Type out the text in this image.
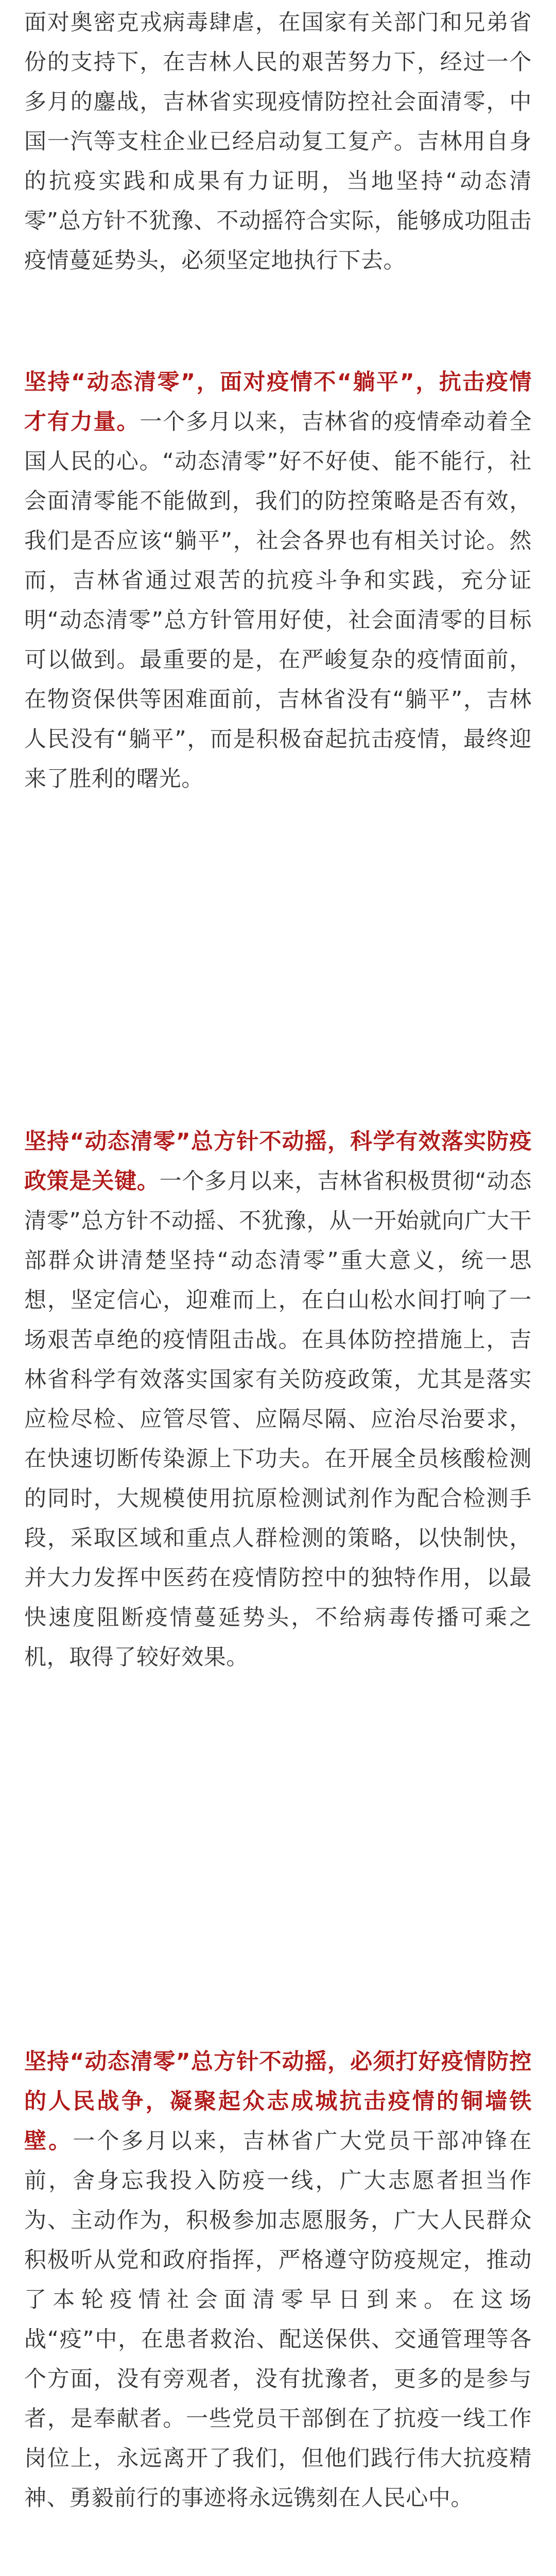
面对奥密克戎病毒肆虐，在国家有关部门和兄弟省份的支持下，在吉林人民的艰苦努力下，经过一个多月的鏖战，吉林省实现疫情防控社会面清零，中国一汽等支柱企业已经启动复工复产。吉林用自身的抗疫实践和成果有力证明，当地坚持“动态清零”总方针不犹豫、不动摇符合实际，能够成功阻击疫情蔓延势头，必须坚定地执行下去。

坚持“动态清零”，面对疫情不“躺平”，抗击疫情才有力量。一个多月以来，吉林省的疫情牵动着全国人民的心。“动态清零”好不好使、能不能行，社会面清零能不能做到，我们的防控策略是否有效，我们是否应该“躺平”，社会各界也有相关讨论。然而，吉林省通过艰苦的抗疫斗争和实践，充分证明“动态清零”总方针管用好使，社会面清零的目标可以做到。最重要的是，在严峻复杂的疫情面前，在物资保供等困难面前，吉林省没有“躺平”，吉林人民没有“躺平”，而是积极奋起抗击疫情，最终迎来了胜利的曙光。

坚持“动态清零”总方针不动摇，科学有效落实防疫政策是关键。一个多月以来，吉林省积极贯彻“动态清零”总方针不动摇、不犹豫，从一开始就向广大干部群众讲清楚坚持“动态清零”重大意义，统一思想，坚定信心，迎难而上，在白山松水间打响了一场艰苦卓绝的疫情阻击战。在具体防控措施上，吉林省科学有效落实国家有关防疫政策，尤其是落实应检尽检、应管尽管、应隔尽隔、应治尽治要求，在快速切断传染源上下功夫。在开展全员核酸检测的同时，大规模使用抗原检测试剂作为配合检测手段，采取区域和重点人群检测的策略，以快制快，并大力发挥中医药在疫情防控中的独特作用，以最快速度阻断疫情蔓延势头，不给病毒传播可乘之机，取得了较好效果。

坚持“动态清零”总方针不动摇，必须打好疫情防控的人民战争，凝聚起众志成城抗击疫情的铜墙铁壁。一个多月以来，吉林省广大党员干部冲锋在前，舍身忘我投入防疫一线，广大志愿者担当作为、主动作为，积极参加志愿服务，广大人民群众积极听从党和政府指挥，严格遵守防疫规定，推动了本轮疫情社会面清零早日到来。在这场战“疫”中，在患者救治、配送保供、交通管理等各个方面，没有旁观者，没有扰豫者，更多的是参与者，是奉献者。一些党员干部倒在了抗疫一线工作岗位上，永远离开了我们，但他们践行伟大抗疫精神、勇毅前行的事迹将永远镌刻在人民心中。
